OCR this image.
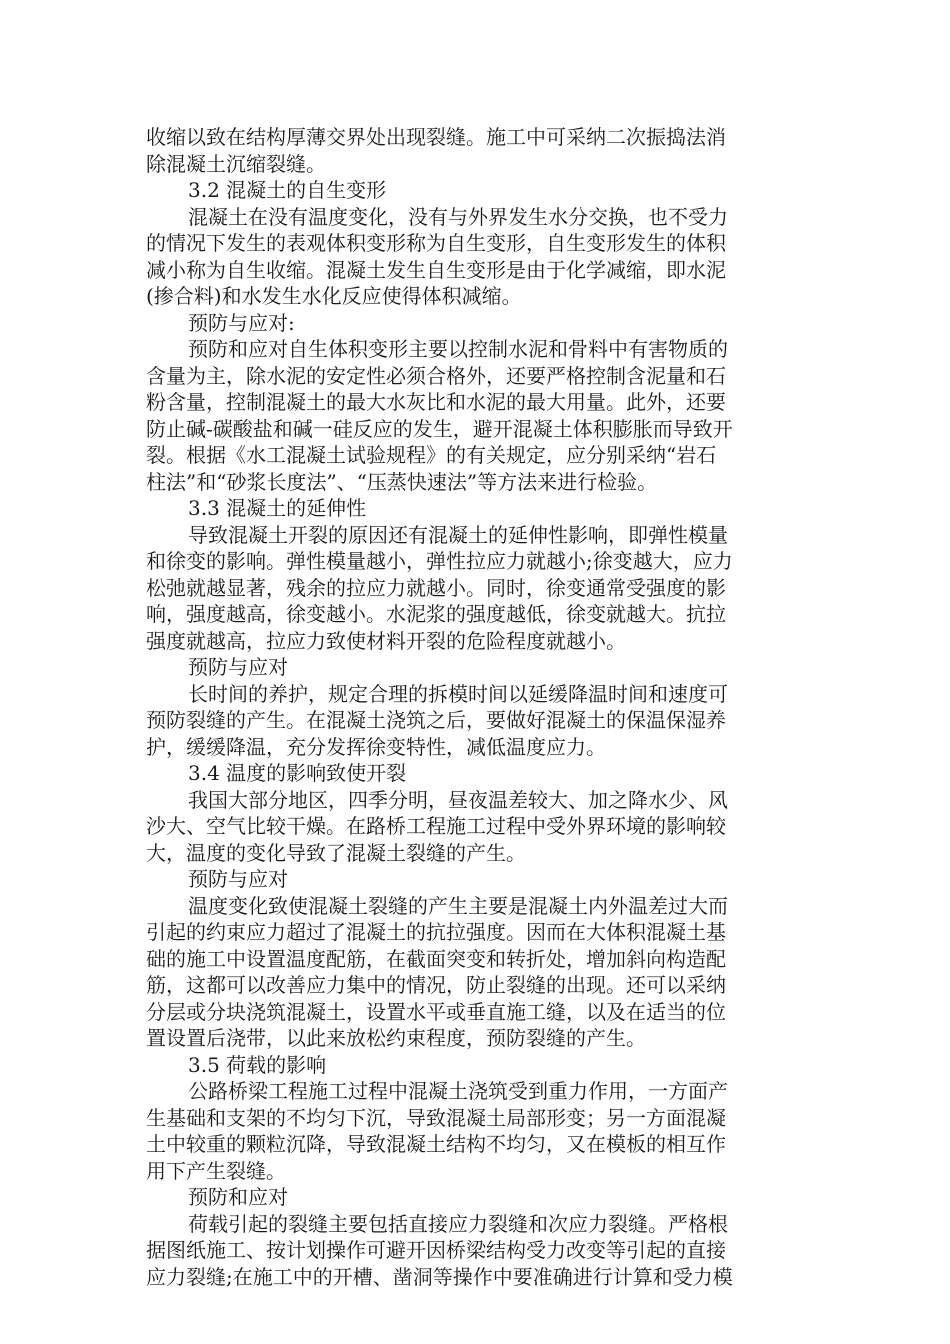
收缩以致在结构厚薄交界处出现裂缝。施工中可采纳二次振捣法消
除混凝土沉缩裂缝。
3.2 混凝土的自生变形
混凝土在没有温度变化，没有与外界发生水分交换，也不受力
的情况下发生的表观体积变形称为自生变形，自生变形发生的体积
减小称为自生收缩。混凝土发生自生变形是由于化学减缩，即水泥
(掺合料)和水发生水化反应使得体积减缩。
预防与应对:
预防和应对自生体积变形主要以控制水泥和骨料中有害物质的
含量为主，除水泥的安定性必须合格外，还要严格控制含泥量和石
粉含量，控制混凝土的最大水灰比和水泥的最大用量。此外，还要
防止碱-碳酸盐和碱一硅反应的发生，避开混凝土体积膨胀而导致开
裂。根据《水工混凝土试验规程》的有关规定，应分别采纳“岩石
柱法”和“砂浆长度法”、“压蒸快速法”等方法来进行检验。
3.3 混凝土的延伸性
导致混凝土开裂的原因还有混凝土的延伸性影响，即弹性模量
和徐变的影响。弹性模量越小，弹性拉应力就越小;徐变越大，应力
松弛就越显著，残余的拉应力就越小。同时，徐变通常受强度的影
响，强度越高，徐变越小。水泥浆的强度越低，徐变就越大。抗拉
强度就越高，拉应力致使材料开裂的危险程度就越小。
预防与应对
长时间的养护，规定合理的拆模时间以延缓降温时间和速度可
预防裂缝的产生。在混凝土浇筑之后，要做好混凝土的保温保湿养
护，缓缓降温，充分发挥徐变特性，减低温度应力。
3.4 温度的影响致使开裂
我国大部分地区，四季分明，昼夜温差较大、加之降水少、风
沙大、空气比较干燥。在路桥工程施工过程中受外界环境的影响较
大，温度的变化导致了混凝土裂缝的产生。
预防与应对
温度变化致使混凝土裂缝的产生主要是混凝土内外温差过大而
引起的约束应力超过了混凝土的抗拉强度。因而在大体积混凝土基
础的施工中设置温度配筋，在截面突变和转折处，增加斜向构造配
筋，这都可以改善应力集中的情况，防止裂缝的出现。还可以采纳
分层或分块浇筑混凝土，设置水平或垂直施工缝，以及在适当的位
置设置后浇带，以此来放松约束程度，预防裂缝的产生。
3.5 荷载的影响
公路桥梁工程施工过程中混凝土浇筑受到重力作用，一方面产
生基础和支架的不均匀下沉，导致混凝土局部形变；另一方面混凝
土中较重的颗粒沉降，导致混凝土结构不均匀，又在模板的相互作
用下产生裂缝。
预防和应对
荷载引起的裂缝主要包括直接应力裂缝和次应力裂缝。严格根
据图纸施工、按计划操作可避开因桥梁结构受力改变等引起的直接
应力裂缝;在施工中的开槽、凿洞等操作中要准确进行计算和受力模
